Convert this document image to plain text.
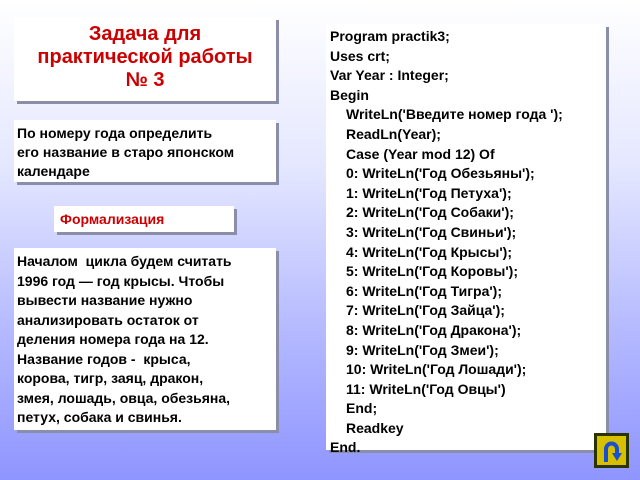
Задача для
практической работы
№ 3
По номеру года определить
его название в старо японском
календаре
Формализация
Началом  цикла будем считать
1996 год — год крысы. Чтобы
вывести название нужно
анализировать остаток от
деления номера года на 12.
Название годов -  крыса,
корова, тигр, заяц, дракон,
змея, лошадь, овца, обезьяна,
петух, собака и свинья.
Program practik3;
Uses crt;
Var Year : Integer;
Begin
WriteLn('Введите номер года ');
ReadLn(Year);
Case (Year mod 12) Of
0: WriteLn('Год Обезьяны');
1: WriteLn('Год Петуха');
2: WriteLn('Год Собаки');
3: WriteLn('Год Свиньи');
4: WriteLn('Год Крысы');
5: WriteLn('Год Коровы');
6: WriteLn('Год Тигра');
7: WriteLn('Год Зайца');
8: WriteLn('Год Дракона');
9: WriteLn('Год Змеи');
10: WriteLn('Год Лошади');
11: WriteLn('Год Овцы')
End;
Readkey
End.
